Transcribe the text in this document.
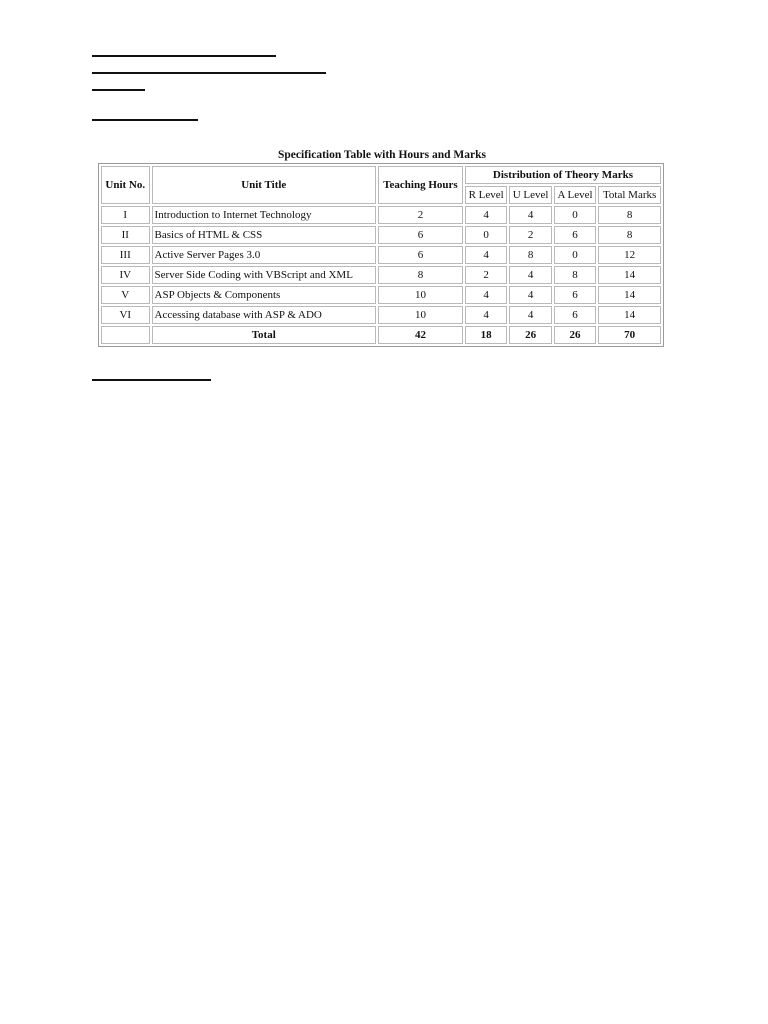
Specification Table with Hours and Marks
Unit No.	Unit Title	Teaching Hours	Distribution of Theory Marks			
			R Level	U Level	A Level	Total Marks
I	Introduction to Internet Technology	2	4	4	0	8
II	Basics of HTML & CSS	6	0	2	6	8
III	Active Server Pages 3.0	6	4	8	0	12
IV	Server Side Coding with VBScript and XML	8	2	4	8	14
V	ASP Objects & Components	10	4	4	6	14
VI	Accessing database with ASP & ADO	10	4	4	6	14
	Total	42	18	26	26	70
